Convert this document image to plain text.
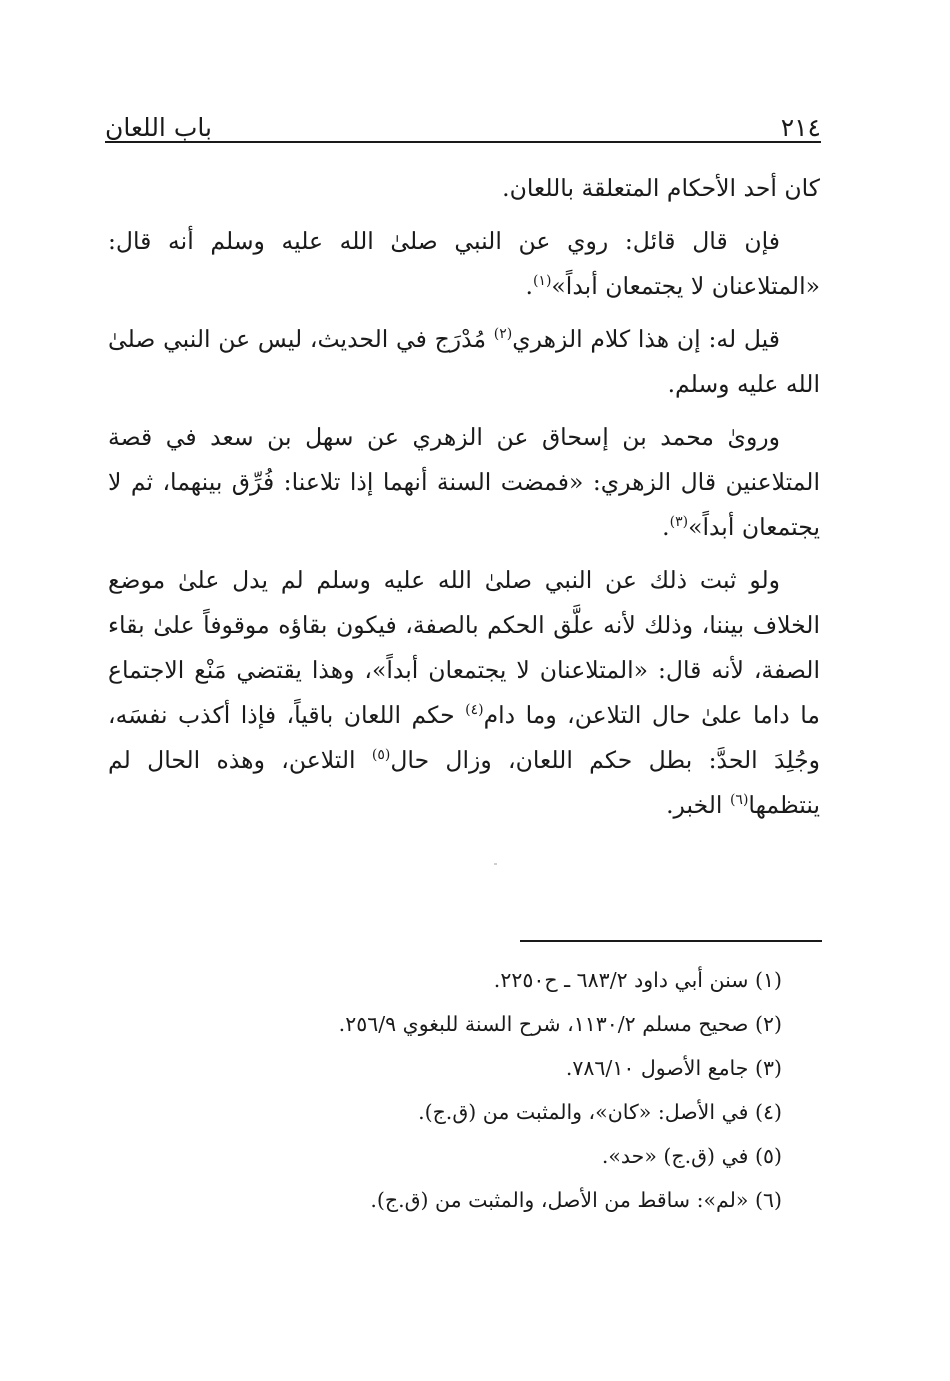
٢١٤
باب اللعان

كان أحد الأحكام المتعلقة باللعان.

فإن قال قائل: روي عن النبي صلىٰ الله عليه وسلم أنه قال: «المتلاعنان لا يجتمعان أبداً»$^{(١)}$.

قيل له: إن هذا كلام الزهري$^{(٢)}$ مُدْرَج في الحديث، ليس عن النبي صلىٰ الله عليه وسلم.

ورویٰ محمد بن إسحاق عن الزهري عن سهل بن سعد في قصة المتلاعنين قال الزهري: «فمضت السنة أنهما إذا تلاعنا: فُرِّق بينهما، ثم لا يجتمعان أبداً»$^{(٣)}$.

ولو ثبت ذلك عن النبي صلىٰ الله عليه وسلم لم يدل علىٰ موضع الخلاف بيننا، وذلك لأنه علَّق الحكم بالصفة، فيكون بقاؤه موقوفاً علىٰ بقاء الصفة، لأنه قال: «المتلاعنان لا يجتمعان أبداً»، وهذا يقتضي مَنْع الاجتماع ما داما علىٰ حال التلاعن، وما دام$^{(٤)}$ حكم اللعان باقياً، فإذا أكذب نفسَه، وجُلِدَ الحدَّ: بطل حكم اللعان، وزال حال$^{(٥)}$ التلاعن، وهذه الحال لم ينتظمها$^{(٦)}$ الخبر.

(١) سنن أبي داود ٦٨٣/٢ ـ ح٢٢٥٠.
(٢) صحيح مسلم ١١٣٠/٢، شرح السنة للبغوي ٢٥٦/٩.
(٣) جامع الأصول ٧٨٦/١٠.
(٤) في الأصل: «كان»، والمثبت من (ق.ج).
(٥) في (ق.ج) «حد».
(٦) «لم»: ساقط من الأصل، والمثبت من (ق.ج).
